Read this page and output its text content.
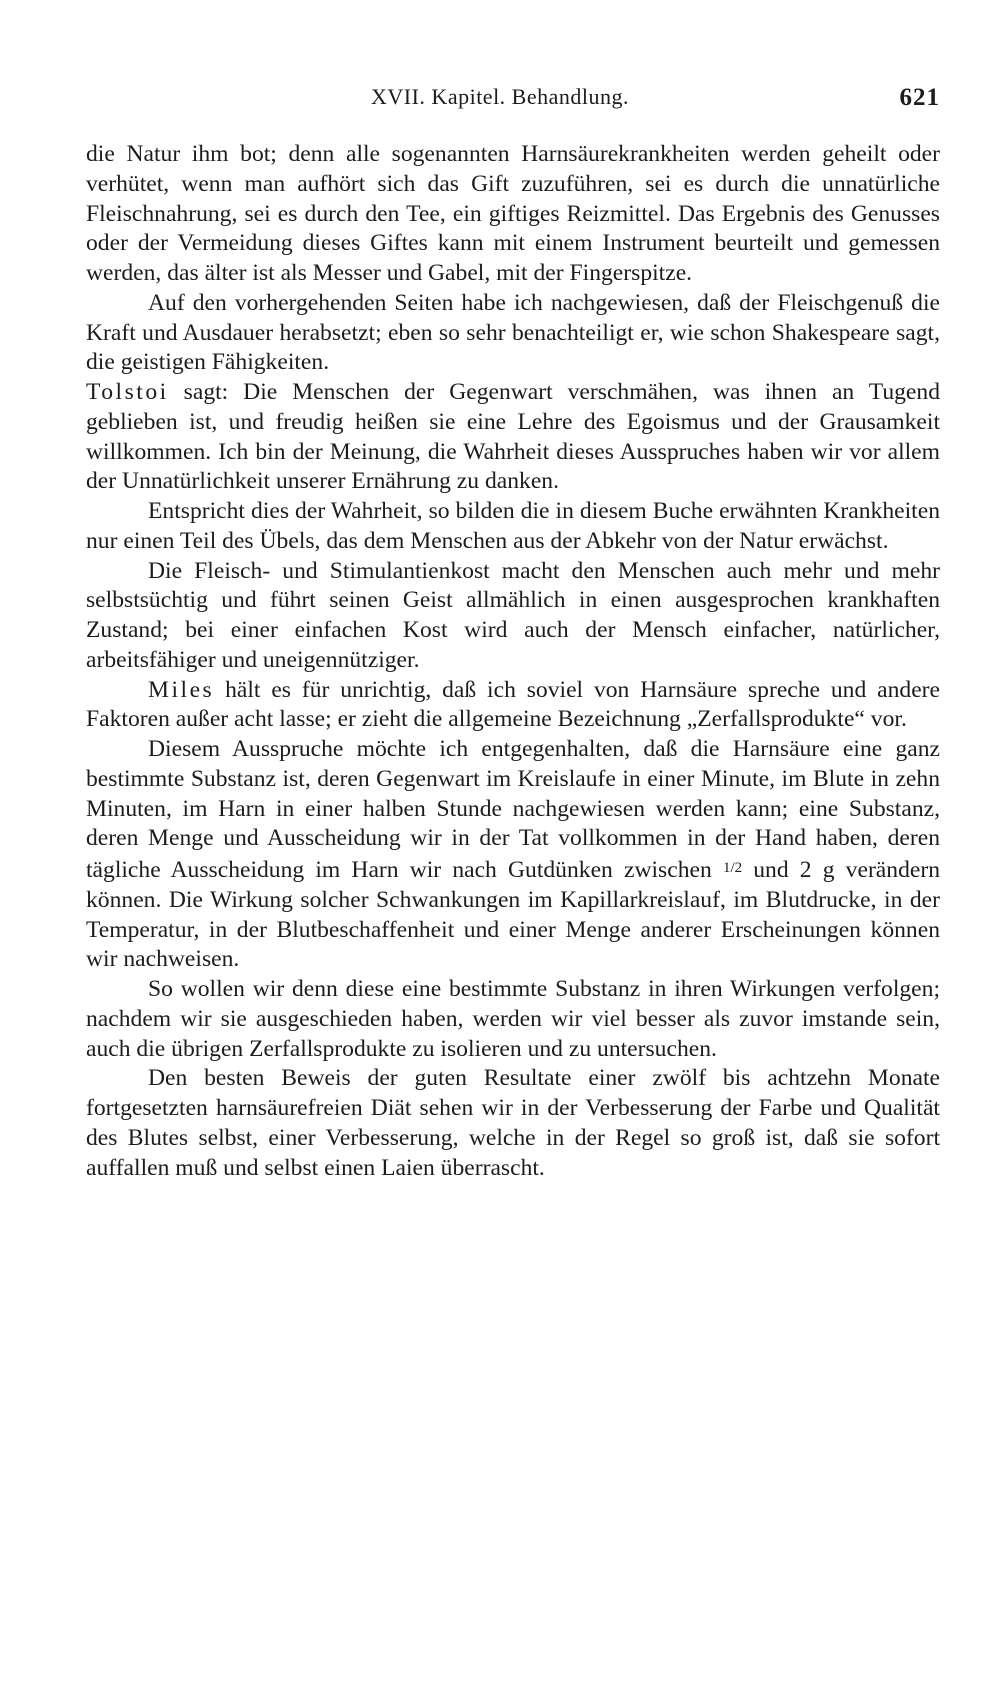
XVII. Kapitel. Behandlung.	621

die Natur ihm bot; denn alle sogenannten Harnsäurekrankheiten werden geheilt oder verhütet, wenn man aufhört sich das Gift zuzuführen, sei es durch die unnatürliche Fleischnahrung, sei es durch den Tee, ein giftiges Reizmittel. Das Ergebnis des Genusses oder der Vermeidung dieses Giftes kann mit einem Instrument beurteilt und gemessen werden, das älter ist als Messer und Gabel, mit der Fingerspitze.

Auf den vorhergehenden Seiten habe ich nachgewiesen, daß der Fleischgenuß die Kraft und Ausdauer herabsetzt; eben so sehr benachteiligt er, wie schon Shakespeare sagt, die geistigen Fähigkeiten.
Tolstoi sagt: Die Menschen der Gegenwart verschmähen, was ihnen an Tugend geblieben ist, und freudig heißen sie eine Lehre des Egoismus und der Grausamkeit willkommen. Ich bin der Meinung, die Wahrheit dieses Ausspruches haben wir vor allem der Unnatürlichkeit unserer Ernährung zu danken.

Entspricht dies der Wahrheit, so bilden die in diesem Buche erwähnten Krankheiten nur einen Teil des Übels, das dem Menschen aus der Abkehr von der Natur erwächst.

Die Fleisch- und Stimulantienkost macht den Menschen auch mehr und mehr selbstsüchtig und führt seinen Geist allmählich in einen ausgesprochen krankhaften Zustand; bei einer einfachen Kost wird auch der Mensch einfacher, natürlicher, arbeitsfähiger und uneigennütziger.

Miles hält es für unrichtig, daß ich soviel von Harnsäure spreche und andere Faktoren außer acht lasse; er zieht die allgemeine Bezeichnung „Zerfallsprodukte“ vor.

Diesem Ausspruche möchte ich entgegenhalten, daß die Harnsäure eine ganz bestimmte Substanz ist, deren Gegenwart im Kreislaufe in einer Minute, im Blute in zehn Minuten, im Harn in einer halben Stunde nachgewiesen werden kann; eine Substanz, deren Menge und Ausscheidung wir in der Tat vollkommen in der Hand haben, deren tägliche Ausscheidung im Harn wir nach Gutdünken zwischen $^{1/2}$ und 2 g verändern können. Die Wirkung solcher Schwankungen im Kapillarkreislauf, im Blutdrucke, in der Temperatur, in der Blutbeschaffenheit und einer Menge anderer Erscheinungen können wir nachweisen.

So wollen wir denn diese eine bestimmte Substanz in ihren Wirkungen verfolgen; nachdem wir sie ausgeschieden haben, werden wir viel besser als zuvor imstande sein, auch die übrigen Zerfallsprodukte zu isolieren und zu untersuchen.

Den besten Beweis der guten Resultate einer zwölf bis achtzehn Monate fortgesetzten harnsäurefreien Diät sehen wir in der Verbesserung der Farbe und Qualität des Blutes selbst, einer Verbesserung, welche in der Regel so groß ist, daß sie sofort auffallen muß und selbst einen Laien überrascht.
